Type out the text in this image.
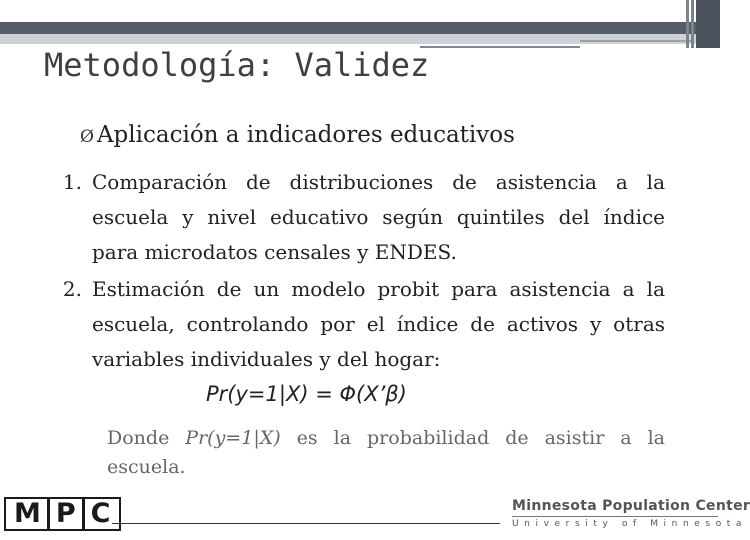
Metodología: Validez
Ø Aplicación a indicadores educativos
1. Comparación de distribuciones de asistencia a la escuela y nivel educativo según quintiles del índice para microdatos censales y ENDES.
2. Estimación de un modelo probit para asistencia a la escuela, controlando por el índice de activos y otras variables individuales y del hogar:
Pr(y=1|X) = Φ(X’β)
Donde Pr(y=1|X) es la probabilidad de asistir a la escuela.
M P C	Minnesota Population Center
University of Minnesota
